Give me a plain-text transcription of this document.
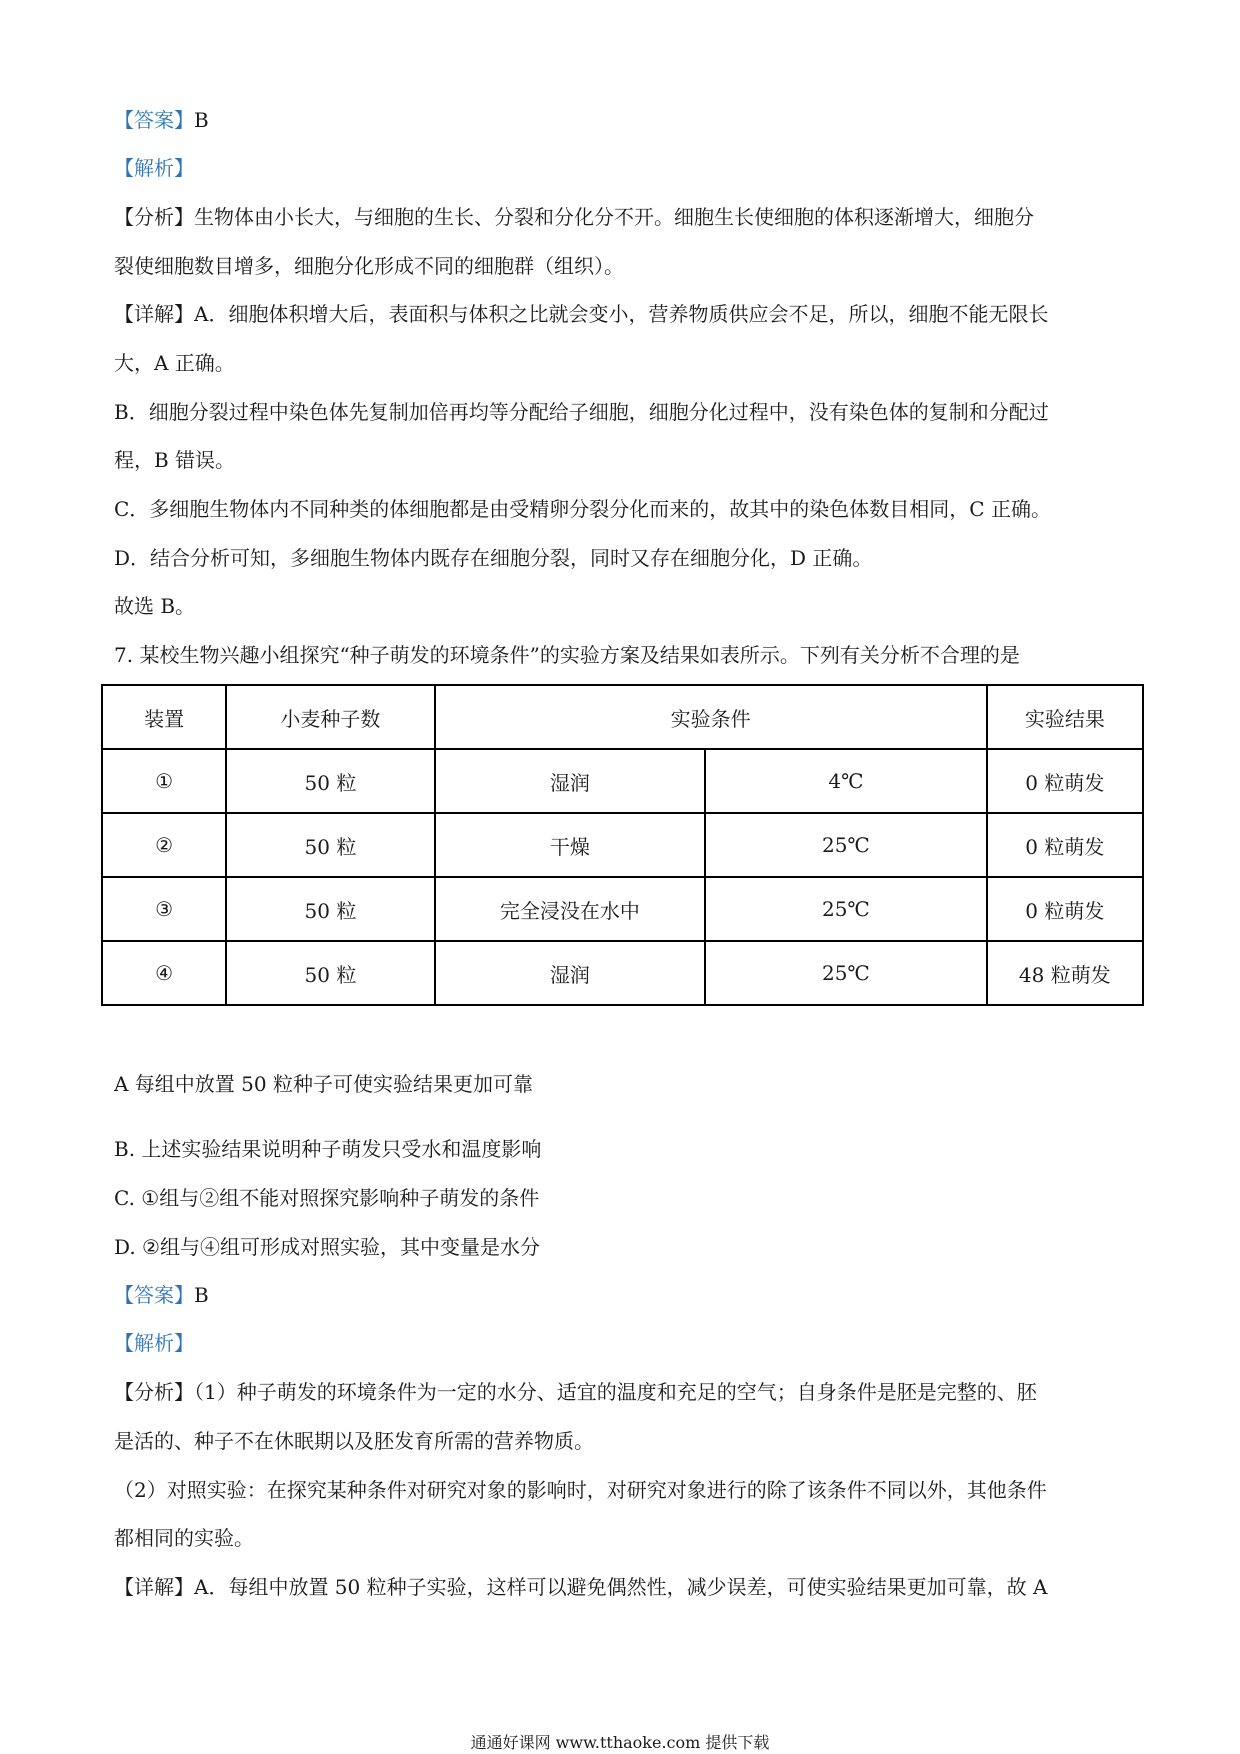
【答案】B
【解析】
【分析】生物体由小长大，与细胞的生长、分裂和分化分不开。细胞生长使细胞的体积逐渐增大，细胞分
裂使细胞数目增多，细胞分化形成不同的细胞群（组织）。
【详解】A．细胞体积增大后，表面积与体积之比就会变小，营养物质供应会不足，所以，细胞不能无限长
大，A 正确。
B．细胞分裂过程中染色体先复制加倍再均等分配给子细胞，细胞分化过程中，没有染色体的复制和分配过
程，B 错误。
C．多细胞生物体内不同种类的体细胞都是由受精卵分裂分化而来的，故其中的染色体数目相同，C 正确。
D．结合分析可知，多细胞生物体内既存在细胞分裂，同时又存在细胞分化，D 正确。
故选 B。
7. 某校生物兴趣小组探究“种子萌发的环境条件”的实验方案及结果如表所示。下列有关分析不合理的是
装置	小麦种子数	实验条件		实验结果
①	50 粒	湿润	4℃	0 粒萌发
②	50 粒	干燥	25℃	0 粒萌发
③	50 粒	完全浸没在水中	25℃	0 粒萌发
④	50 粒	湿润	25℃	48 粒萌发
A 每组中放置 50 粒种子可使实验结果更加可靠
B. 上述实验结果说明种子萌发只受水和温度影响
C. ①组与②组不能对照探究影响种子萌发的条件
D. ②组与④组可形成对照实验，其中变量是水分
【答案】B
【解析】
【分析】（1）种子萌发的环境条件为一定的水分、适宜的温度和充足的空气；自身条件是胚是完整的、胚
是活的、种子不在休眠期以及胚发育所需的营养物质。
（2）对照实验：在探究某种条件对研究对象的影响时，对研究对象进行的除了该条件不同以外，其他条件
都相同的实验。
【详解】A．每组中放置 50 粒种子实验，这样可以避免偶然性，减少误差，可使实验结果更加可靠，故 A
通通好课网 www.tthaoke.com 提供下载
